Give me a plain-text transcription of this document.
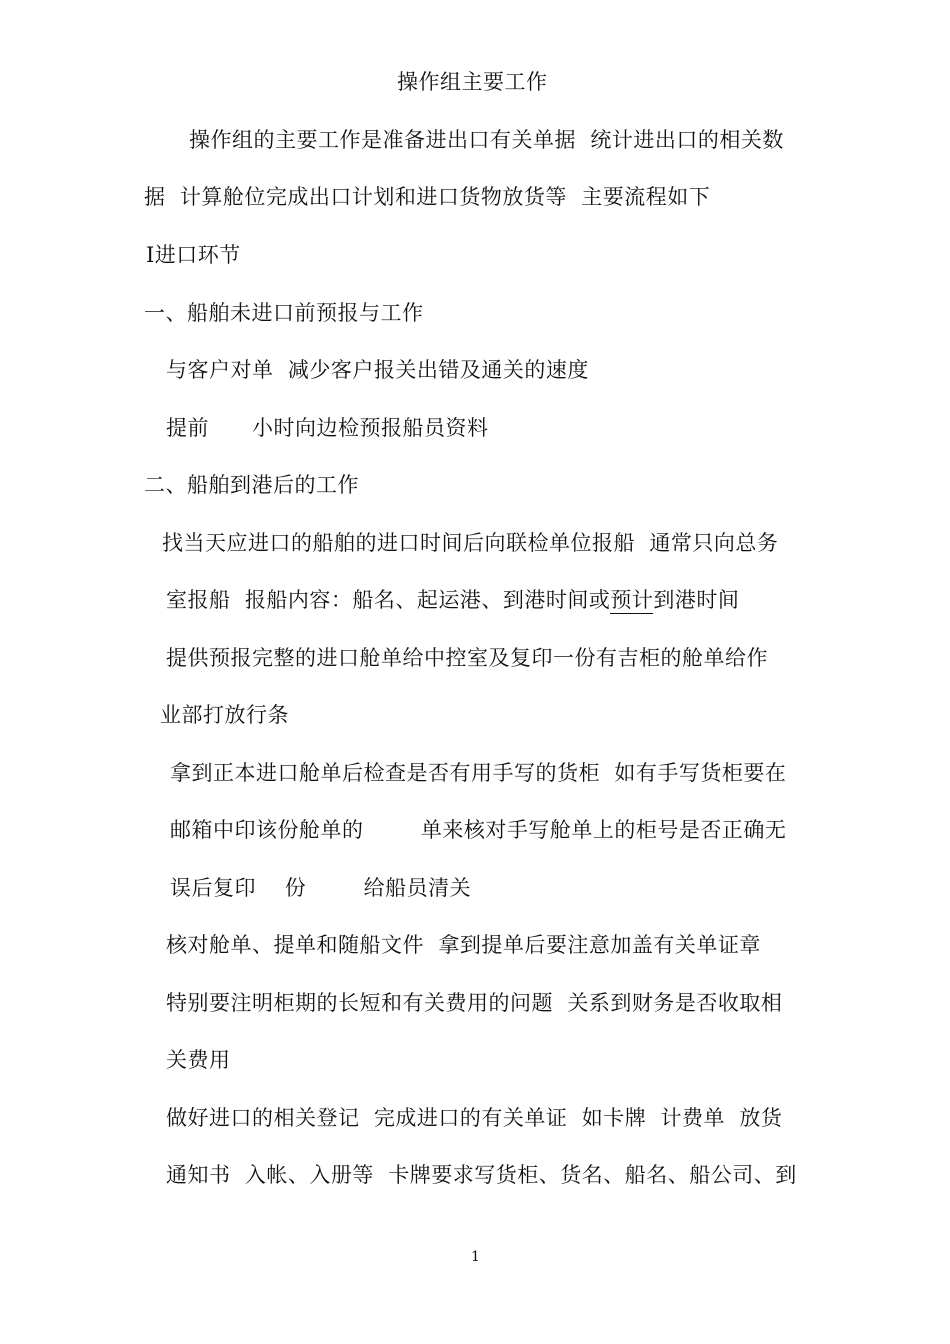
操作组主要工作
操作组的主要工作是准备进出口有关单据  统计进出口的相关数
据  计算舱位完成出口计划和进口货物放货等  主要流程如下
Ⅰ进口环节
一、船舶未进口前预报与工作
与客户对单  减少客户报关出错及通关的速度
提前      小时向边检预报船员资料
二、船舶到港后的工作
找当天应进口的船舶的进口时间后向联检单位报船  通常只向总务
室报船  报船内容：船名、起运港、到港时间或预计到港时间
提供预报完整的进口舱单给中控室及复印一份有吉柜的舱单给作
业部打放行条
拿到正本进口舱单后检查是否有用手写的货柜  如有手写货柜要在
邮箱中印该份舱单的        单来核对手写舱单上的柜号是否正确无
误后复印    份        给船员清关
核对舱单、提单和随船文件  拿到提单后要注意加盖有关单证章
特别要注明柜期的长短和有关费用的问题  关系到财务是否收取相
关费用
做好进口的相关登记  完成进口的有关单证  如卡牌  计费单  放货
通知书  入帐、入册等  卡牌要求写货柜、货名、船名、船公司、到
1
